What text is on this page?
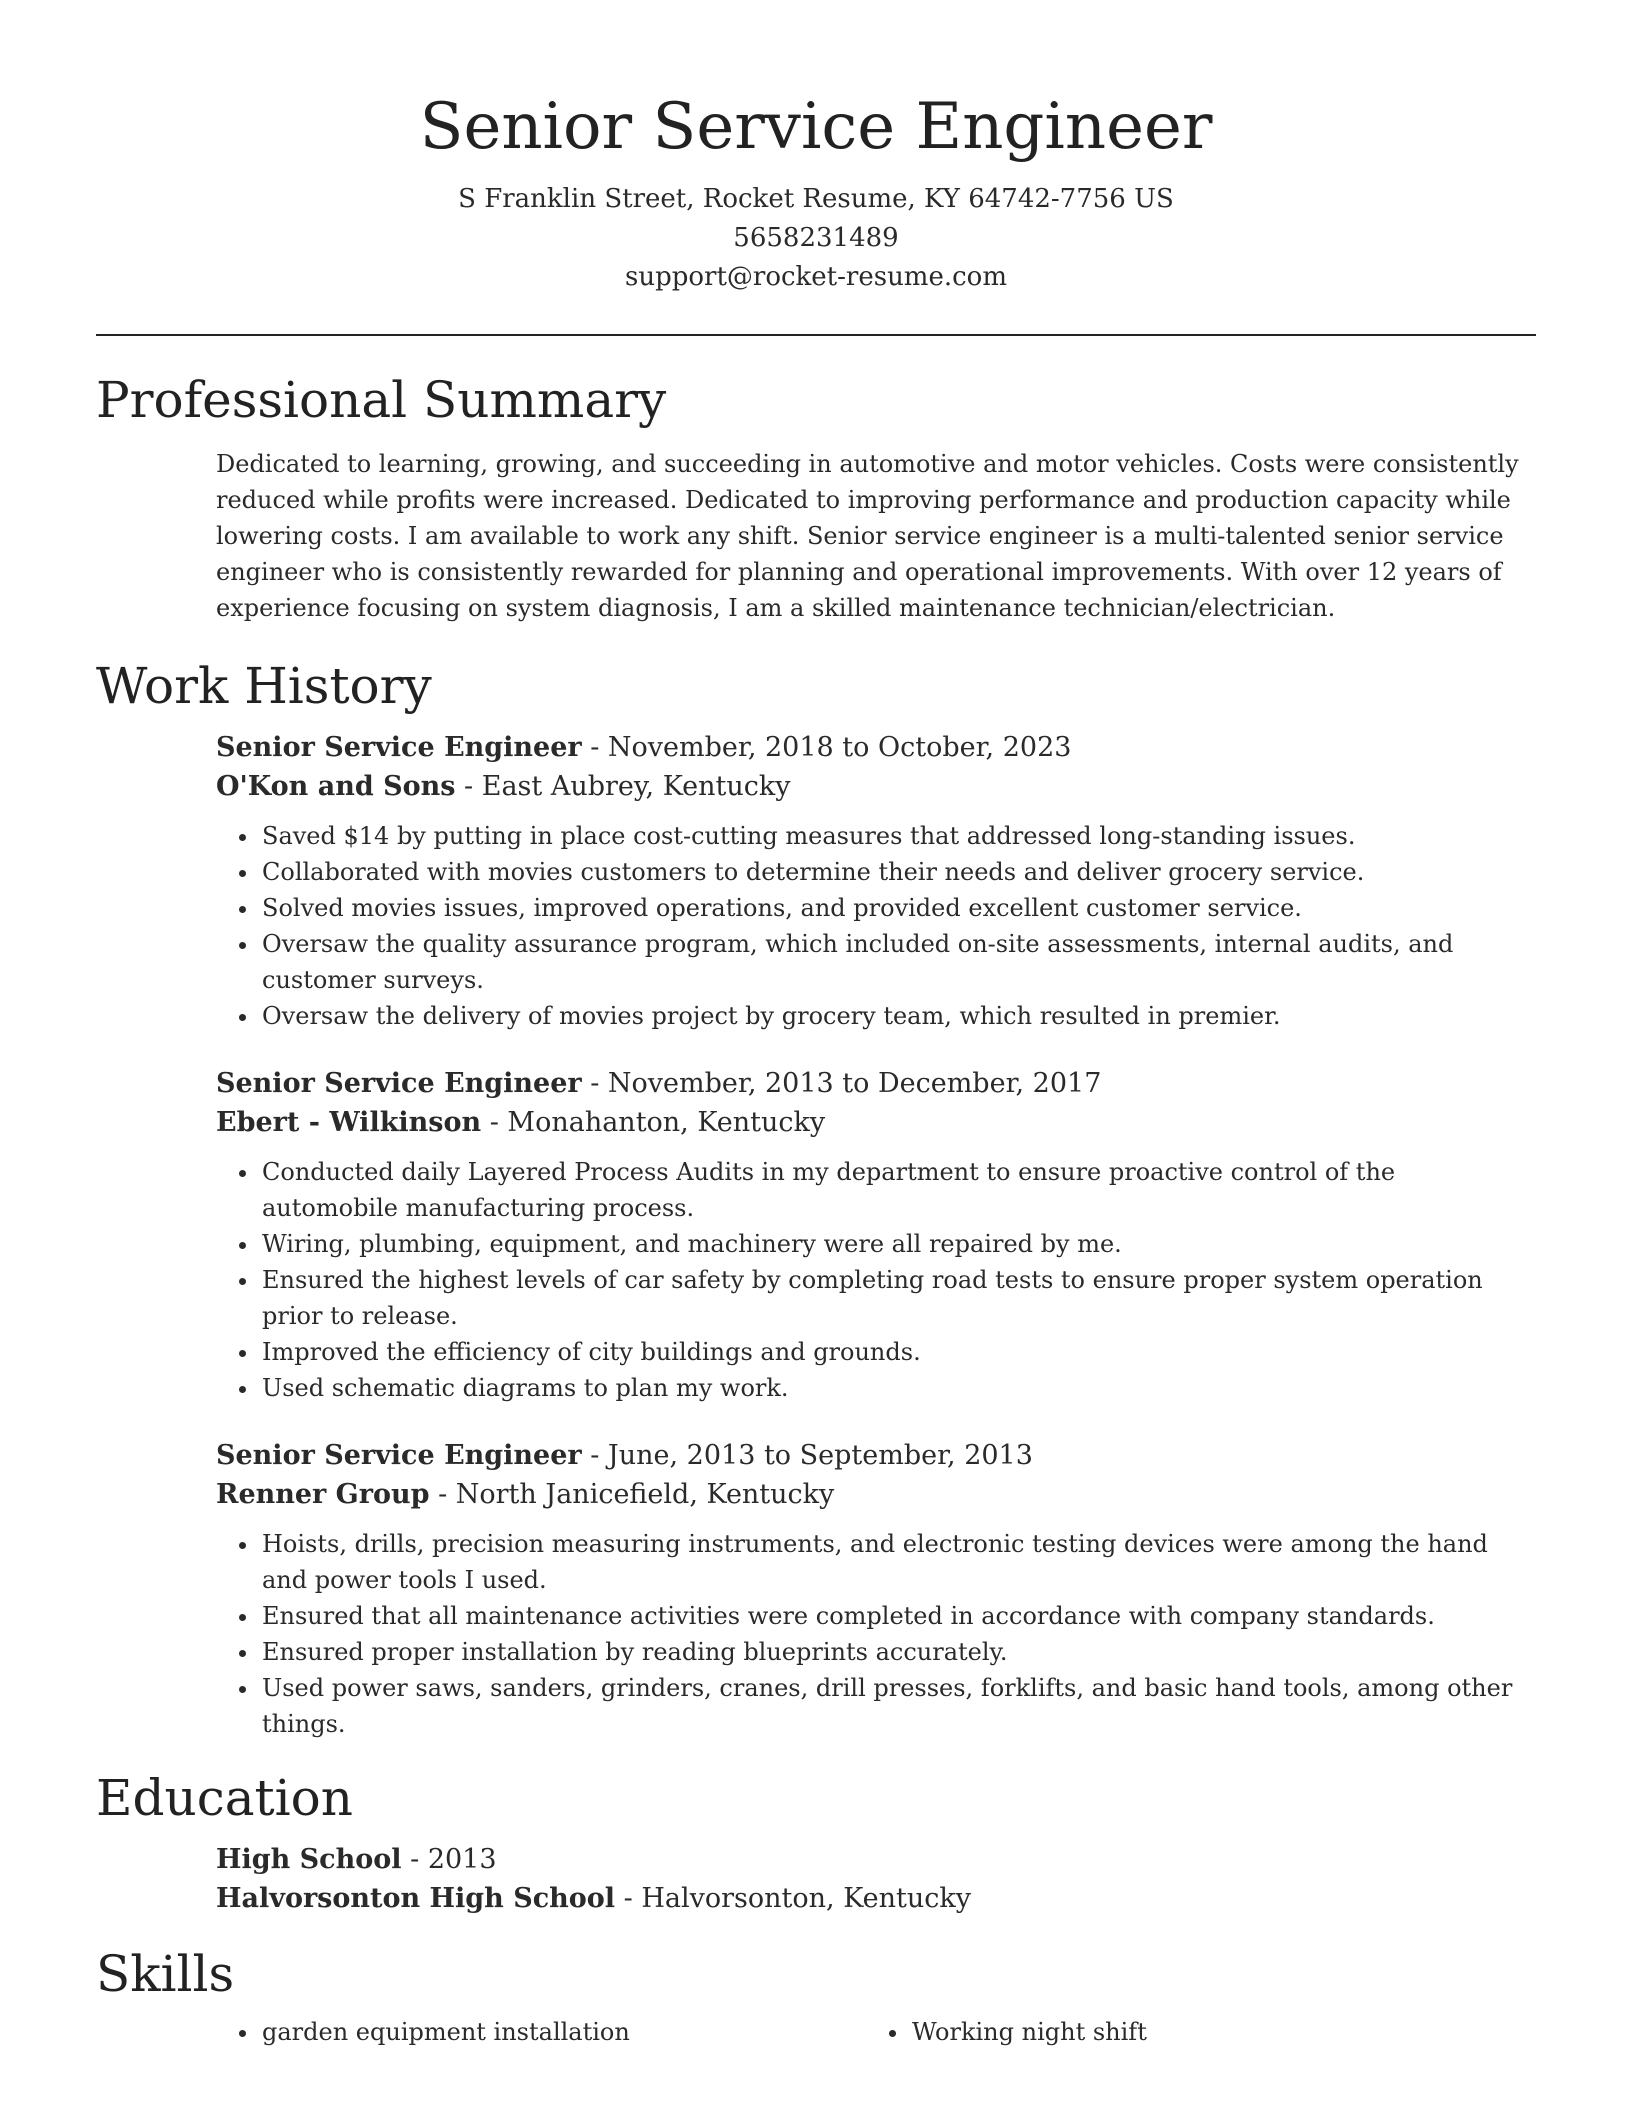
Senior Service Engineer
S Franklin Street, Rocket Resume, KY 64742-7756 US
5658231489
support@rocket-resume.com
Professional Summary

Dedicated to learning, growing, and succeeding in automotive and motor vehicles. Costs were consistently reduced while profits were increased. Dedicated to improving performance and production capacity while lowering costs. I am available to work any shift. Senior service engineer is a multi-talented senior service engineer who is consistently rewarded for planning and operational improvements. With over 12 years of experience focusing on system diagnosis, I am a skilled maintenance technician/electrician.

Work History
Senior Service Engineer - November, 2018 to October, 2023
O'Kon and Sons - East Aubrey, Kentucky
• Saved $14 by putting in place cost-cutting measures that addressed long-standing issues.
• Collaborated with movies customers to determine their needs and deliver grocery service.
• Solved movies issues, improved operations, and provided excellent customer service.
• Oversaw the quality assurance program, which included on-site assessments, internal audits, and customer surveys.
• Oversaw the delivery of movies project by grocery team, which resulted in premier.
Senior Service Engineer - November, 2013 to December, 2017
Ebert - Wilkinson - Monahanton, Kentucky
• Conducted daily Layered Process Audits in my department to ensure proactive control of the automobile manufacturing process.
• Wiring, plumbing, equipment, and machinery were all repaired by me.
• Ensured the highest levels of car safety by completing road tests to ensure proper system operation prior to release.
• Improved the efficiency of city buildings and grounds.
• Used schematic diagrams to plan my work.
Senior Service Engineer - June, 2013 to September, 2013
Renner Group - North Janicefield, Kentucky
• Hoists, drills, precision measuring instruments, and electronic testing devices were among the hand and power tools I used.
• Ensured that all maintenance activities were completed in accordance with company standards.
• Ensured proper installation by reading blueprints accurately.
• Used power saws, sanders, grinders, cranes, drill presses, forklifts, and basic hand tools, among other things.
Education
High School - 2013
Halvorsonton High School - Halvorsonton, Kentucky
Skills
• garden equipment installation
•	Working night shift
